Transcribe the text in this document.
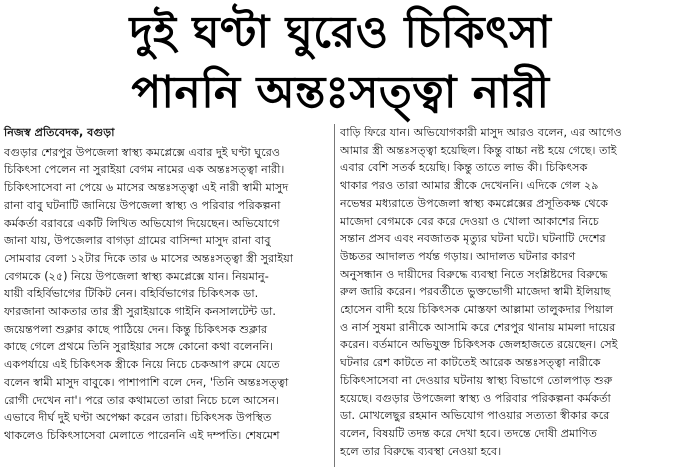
দুই ঘণ্টা ঘুরেও চিকিৎসা
পাননি অন্তঃসত্ত্বা নারী
নিজস্ব প্রতিবেদক, বগুড়া
বগুড়ার শেরপুর উপজেলা স্বাস্থ্য কমপ্লেক্সে এবার দুই ঘণ্টা ঘুরেও
চিকিৎসা পেলেন না সুরাইয়া বেগম নামের এক অন্তঃসত্ত্বা নারী।
চিকিৎসাসেবা না পেয়ে ৬ মাসের অন্তঃসত্ত্বা এই নারী স্বামী মাসুদ
রানা বাবু ঘটনাটি জানিয়ে উপজেলা স্বাস্থ্য ও পরিবার পরিকল্পনা
কর্মকর্তা বরাবরে একটি লিখিত অভিযোগ দিয়েছেন। অভিযোগে
জানা যায়, উপজেলার বাগড়া গ্রামের বাসিন্দা মাসুদ রানা বাবু
সোমবার বেলা ১২টার দিকে তার ৬ মাসের অন্তঃসত্ত্বা স্ত্রী সুরাইয়া
বেগমকে (২৫) নিয়ে উপজেলা স্বাস্থ্য কমপ্লেক্সে যান। নিয়মানু-
যায়ী বহির্বিভাগের টিকিট নেন। বহির্বিভাগের চিকিৎসক ডা.
ফারজানা আকতার তার স্ত্রী সুরাইয়াকে গাইনি কনসালটেন্ট ডা.
জয়েন্তপলা শুক্লার কাছে পাঠিয়ে দেন। কিন্তু চিকিৎসক শুক্লার
কাছে গেলে প্রথমে তিনি সুরাইয়ার সঙ্গে কোনো কথা বলেননি।
একপর্যায়ে এই চিকিৎসক স্ত্রীকে নিয়ে নিচে চেকআপ রুমে যেতে
বলেন স্বামী মাসুদ বাবুকে। পাশাপাশি বলে দেন, 'তিনি অন্তঃসত্ত্বা
রোগী দেখেন না'। পরে তার কথামতো তারা নিচে চলে আসেন।
এভাবে দীর্ঘ দুই ঘণ্টা অপেক্ষা করেন তারা। চিকিৎসক উপস্থিত
থাকলেও চিকিৎসাসেবা মেলাতে পারেননি এই দম্পতি। শেষমেশ
বাড়ি ফিরে যান। অভিযোগকারী মাসুদ আরও বলেন, এর আগেও
আমার স্ত্রী অন্তঃসত্ত্বা হয়েছিল। কিন্তু বাচ্চা নষ্ট হয়ে গেছে। তাই
এবার বেশি সতর্ক হয়েছি। কিন্তু তাতে লাভ কী। চিকিৎসক
থাকার পরও তারা আমার স্ত্রীকে দেখেননি। এদিকে গেল ২৯
নভেম্বর মধ্যরাতে উপজেলা স্বাস্থ্য কমপ্লেক্সের প্রসূতিকক্ষ থেকে
মাজেদা বেগমকে বের করে দেওয়া ও খোলা আকাশের নিচে
সন্তান প্রসব এবং নবজাতক মৃত্যুর ঘটনা ঘটে। ঘটনাটি দেশের
উচ্চতর আদালত পর্যন্ত গড়ায়। আদালত ঘটনার কারণ
অনুসন্ধান ও দায়ীদের বিরুদ্ধে ব্যবস্থা নিতে সংশ্লিষ্টদের বিরুদ্ধে
রুল জারি করেন। পরবর্তীতে ভুক্তভোগী মাজেদা স্বামী ইলিয়াছ
হোসেন বাদী হয়ে চিকিৎসক মোস্তফা আল্লামা তালুকদার পিয়াল
ও নার্স সুষমা রানীকে আসামি করে শেরপুর থানায় মামলা দায়ের
করেন। বর্তমানে অভিযুক্ত চিকিৎসক জেলহাজতে রয়েছেন। সেই
ঘটনার রেশ কাটতে না কাটতেই আরেক অন্তঃসত্ত্বা নারীকে
চিকিৎসাসেবা না দেওয়ার ঘটনায় স্বাস্থ্য বিভাগে তোলপাড় শুরু
হয়েছে। বগুড়ার উপজেলা স্বাস্থ্য ও পরিবার পরিকল্পনা কর্মকর্তা
ডা. মোখলেছুর রহমান অভিযোগ পাওয়ার সত্যতা স্বীকার করে
বলেন, বিষয়টি তদন্ত করে দেখা হবে। তদন্তে দোষী প্রমাণিত
হলে তার বিরুদ্ধে ব্যবস্থা নেওয়া হবে।
